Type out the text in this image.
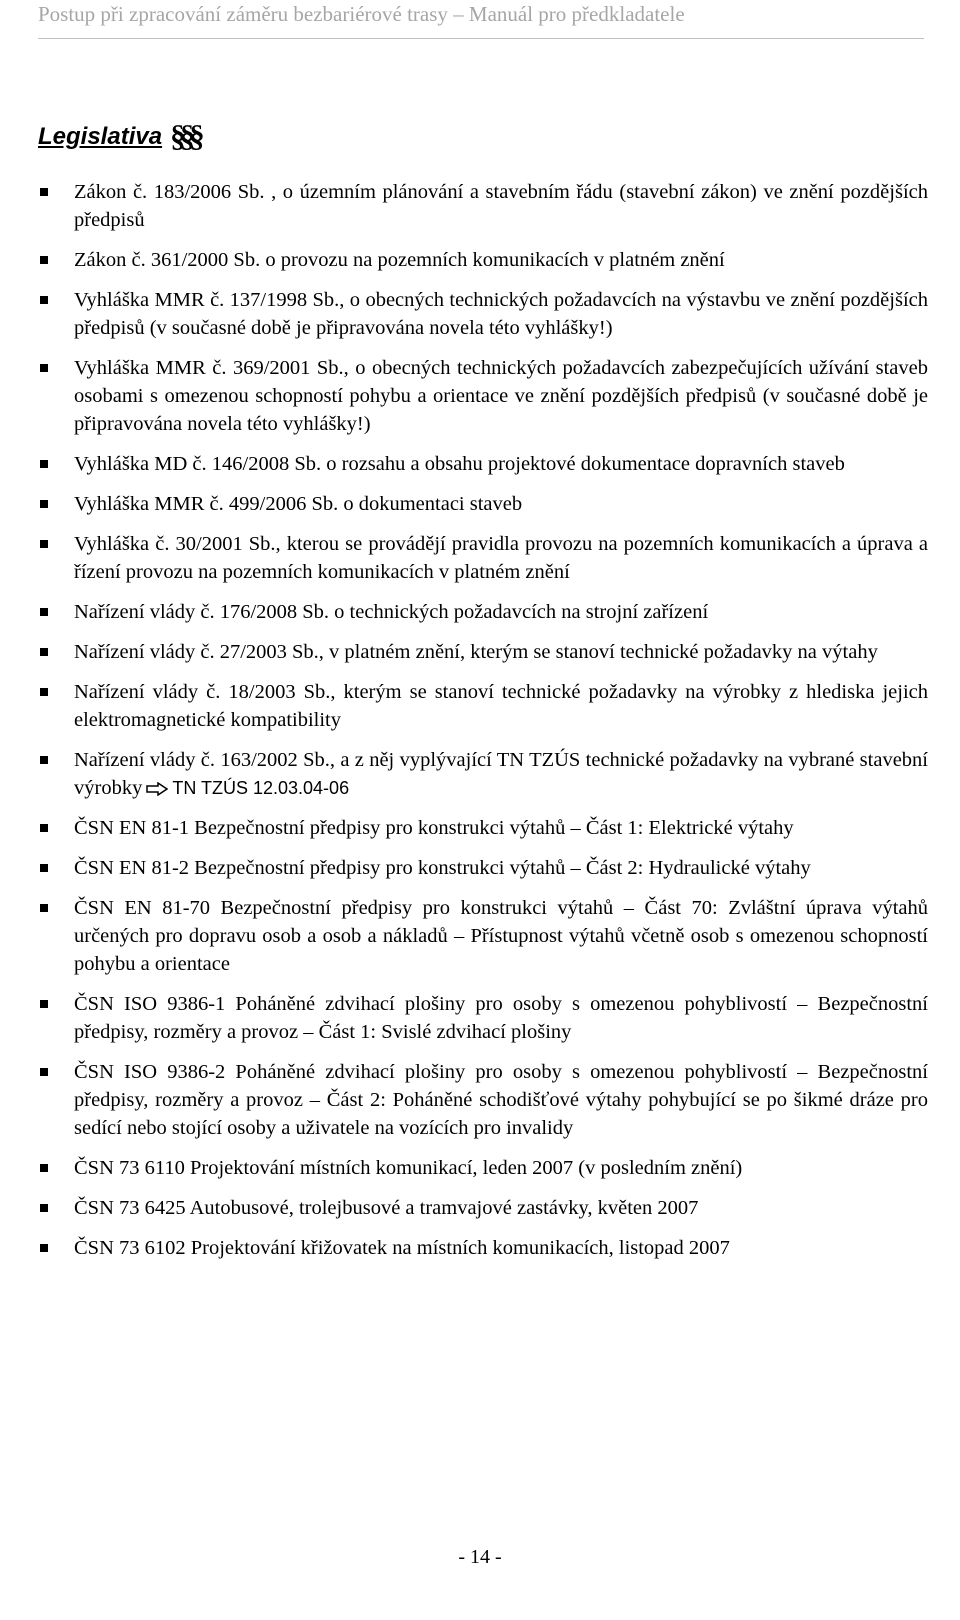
Postup při zpracování záměru bezbariérové trasy – Manuál pro předkladatele
Legislativa §§§
Zákon č. 183/2006 Sb. , o územním plánování a stavebním řádu (stavební zákon) ve znění pozdějších předpisů
Zákon č. 361/2000 Sb. o provozu na pozemních komunikacích v platném znění
Vyhláška MMR č. 137/1998 Sb., o obecných technických požadavcích na výstavbu ve znění pozdějších předpisů (v současné době je připravována novela této vyhlášky!)
Vyhláška MMR č. 369/2001 Sb., o obecných technických požadavcích zabezpečujících užívání staveb osobami s omezenou schopností pohybu a orientace ve znění pozdějších předpisů (v současné době je připravována novela této vyhlášky!)
Vyhláška MD č. 146/2008 Sb. o rozsahu a obsahu projektové dokumentace dopravních staveb
Vyhláška MMR č. 499/2006 Sb. o dokumentaci staveb
Vyhláška č. 30/2001 Sb., kterou se provádějí pravidla provozu na pozemních komunikacích a úprava a řízení provozu na pozemních komunikacích v platném znění
Nařízení vlády č. 176/2008 Sb. o technických požadavcích na strojní zařízení
Nařízení vlády č. 27/2003 Sb., v platném znění, kterým se stanoví technické požadavky na výtahy
Nařízení vlády č. 18/2003 Sb., kterým se stanoví technické požadavky na výrobky z hlediska jejich elektromagnetické kompatibility
Nařízení vlády č. 163/2002 Sb., a z něj vyplývající TN TZÚS technické požadavky na vybrané stavební výrobky TN TZÚS 12.03.04-06
ČSN EN 81-1 Bezpečnostní předpisy pro konstrukci výtahů – Část 1: Elektrické výtahy
ČSN EN 81-2 Bezpečnostní předpisy pro konstrukci výtahů – Část 2: Hydraulické výtahy
ČSN EN 81-70 Bezpečnostní předpisy pro konstrukci výtahů – Část 70: Zvláštní úprava výtahů určených pro dopravu osob a osob a nákladů – Přístupnost výtahů včetně osob s omezenou schopností pohybu a orientace
ČSN ISO 9386-1 Poháněné zdvihací plošiny pro osoby s omezenou pohyblivostí – Bezpečnostní předpisy, rozměry a provoz – Část 1: Svislé zdvihací plošiny
ČSN ISO 9386-2 Poháněné zdvihací plošiny pro osoby s omezenou pohyblivostí – Bezpečnostní předpisy, rozměry a provoz – Část 2: Poháněné schodišťové výtahy pohybující se po šikmé dráze pro sedící nebo stojící osoby a uživatele na vozících pro invalidy
ČSN 73 6110 Projektování místních komunikací, leden 2007 (v posledním znění)
ČSN 73 6425 Autobusové, trolejbusové a tramvajové zastávky, květen 2007
ČSN 73 6102 Projektování křižovatek na místních komunikacích, listopad 2007
- 14 -
